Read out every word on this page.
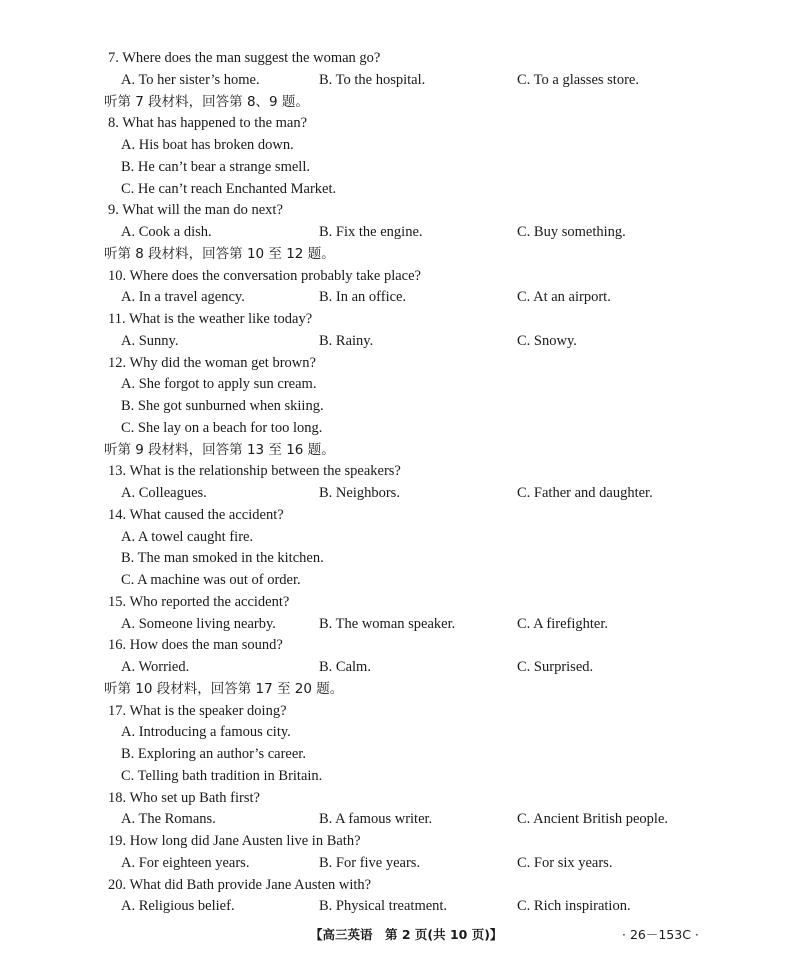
7. Where does the man suggest the woman go?
A. To her sister’s home.	B. To the hospital.	C. To a glasses store.
听第 7 段材料，回答第 8、9 题。
8. What has happened to the man?
A. His boat has broken down.
B. He can’t bear a strange smell.
C. He can’t reach Enchanted Market.
9. What will the man do next?
A. Cook a dish.	B. Fix the engine.	C. Buy something.
听第 8 段材料，回答第 10 至 12 题。
10. Where does the conversation probably take place?
A. In a travel agency.	B. In an office.	C. At an airport.
11. What is the weather like today?
A. Sunny.	B. Rainy.	C. Snowy.
12. Why did the woman get brown?
A. She forgot to apply sun cream.
B. She got sunburned when skiing.
C. She lay on a beach for too long.
听第 9 段材料，回答第 13 至 16 题。
13. What is the relationship between the speakers?
A. Colleagues.	B. Neighbors.	C. Father and daughter.
14. What caused the accident?
A. A towel caught fire.
B. The man smoked in the kitchen.
C. A machine was out of order.
15. Who reported the accident?
A. Someone living nearby.	B. The woman speaker.	C. A firefighter.
16. How does the man sound?
A. Worried.	B. Calm.	C. Surprised.
听第 10 段材料，回答第 17 至 20 题。
17. What is the speaker doing?
A. Introducing a famous city.
B. Exploring an author’s career.
C. Telling bath tradition in Britain.
18. Who set up Bath first?
A. The Romans.	B. A famous writer.	C. Ancient British people.
19. How long did Jane Austen live in Bath?
A. For eighteen years.	B. For five years.	C. For six years.
20. What did Bath provide Jane Austen with?
A. Religious belief.	B. Physical treatment.	C. Rich inspiration.
【高三英语　第 2 页(共 10 页)】	· 26－153C ·
